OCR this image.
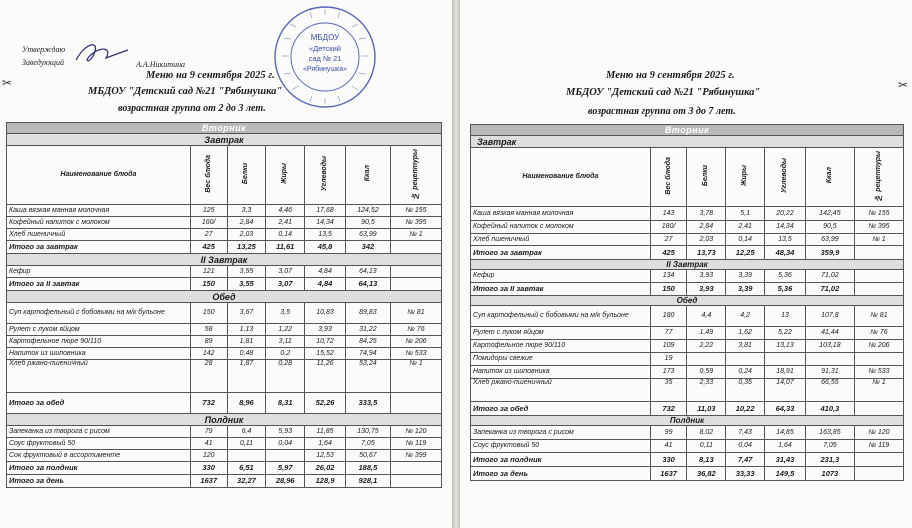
Утверждаю
Заведующий	А.А.Никитина
МБДОУ
«Детский
сад № 21
«Рябинушка»
Меню на 9 сентября 2025 г.
МБДОУ "Детский сад №21 "Рябинушка"
возрастная группа от 2 до 3 лет.
✂
Вторник						
Завтрак						
Наименование блюда	Вес блюда	Белки	Жиры	Углеводы	Ккал	№ рецептуры
Каша вязкая манная молочная	125	3,3	4,46	17,68	124,52	№ 155
Кофейный напиток с молоком	160/	2,84	2,41	14,34	90,5	№ 395
Хлеб пшеничный	27	2,03	0,14	13,5	63,99	№ 1
Итого за завтрак	425	13,25	11,61	45,8	342	
II Завтрак						
Кефир	121	3,55	3,07	4,84	64,13	
Итого за II завтак	150	3,55	3,07	4,84	64,13	
Обед						
Суп картофельный с бобовыми на м/к бульоне	150	3,67	3,5	10,83	89,83	№ 81
Рулет с луком яйцом	58	1,13	1,22	3,93	31,22	№ 76
Картофельное пюре 90/110	89	1,81	3,11	10,72	84,25	№ 206
Напиток из шиповника	142	0,48	0,2	15,52	74,94	№ 533
Хлеб ржано-пшеничный	28	1,87	0,28	11,26	53,24	№ 1
Итого за обед	732	8,96	8,31	52,26	333,5	
Полдник						
Запеканка из творога с рисом	79	6,4	5,93	11,85	130,75	№ 120
Соус фруктовый 50	41	0,11	0,04	1,64	7,05	№ 119
Сок фруктовый в ассортименте	120			12,53	50,67	№ 399
Итого за полдник	330	6,51	5,97	26,02	188,5	
Итого за день	1637	32,27	28,96	128,9	928,1	
Меню на 9 сентября 2025 г.
МБДОУ "Детский сад №21 "Рябинушка"
возрастная группа от 3 до 7 лет.
✂
Вторник						
Завтрак						
Наименование блюда	Вес блюда	Белки	Жиры	Углеводы	Ккал	№ рецептуры
Каша вязкая манная молочная	143	3,78	5,1	20,22	142,45	№ 155
Кофейный напиток с молоком	180/	2,84	2,41	14,34	90,5	№ 395
Хлеб пшеничный	27	2,03	0,14	13,5	63,99	№ 1
Итого за завтрак	425	13,73	12,25	48,34	359,9	
II Завтрак						
Кефир	134	3,93	3,39	5,36	71,02	
Итого за II завтак	150	3,93	3,39	5,36	71,02	
Обед						
Суп картофельный с бобовыми на м/к бульоне	180	4,4	4,2	13	107,8	№ 81
Рулет с луком яйцом	77	1,49	1,62	5,22	41,44	№ 76
Картофельное пюре 90/110	109	2,22	3,81	13,13	103,18	№ 206
Помидоры свежие	19					
Напиток из шиповника	173	0,59	0,24	18,91	91,31	№ 533
Хлеб ржано-пшеничный	35	2,33	0,35	14,07	66,55	№ 1
Итого за обед	732	11,03	10,22	64,33	410,3	
Полдник						
Запеканка из творога с рисом	99	8,02	7,43	14,85	163,85	№ 120
Соус фруктовый 50	41	0,11	0,04	1,64	7,05	№ 119
Итого за полдник	330	8,13	7,47	31,43	231,3	
Итого за день	1637	36,82	33,33	149,5	1073	
